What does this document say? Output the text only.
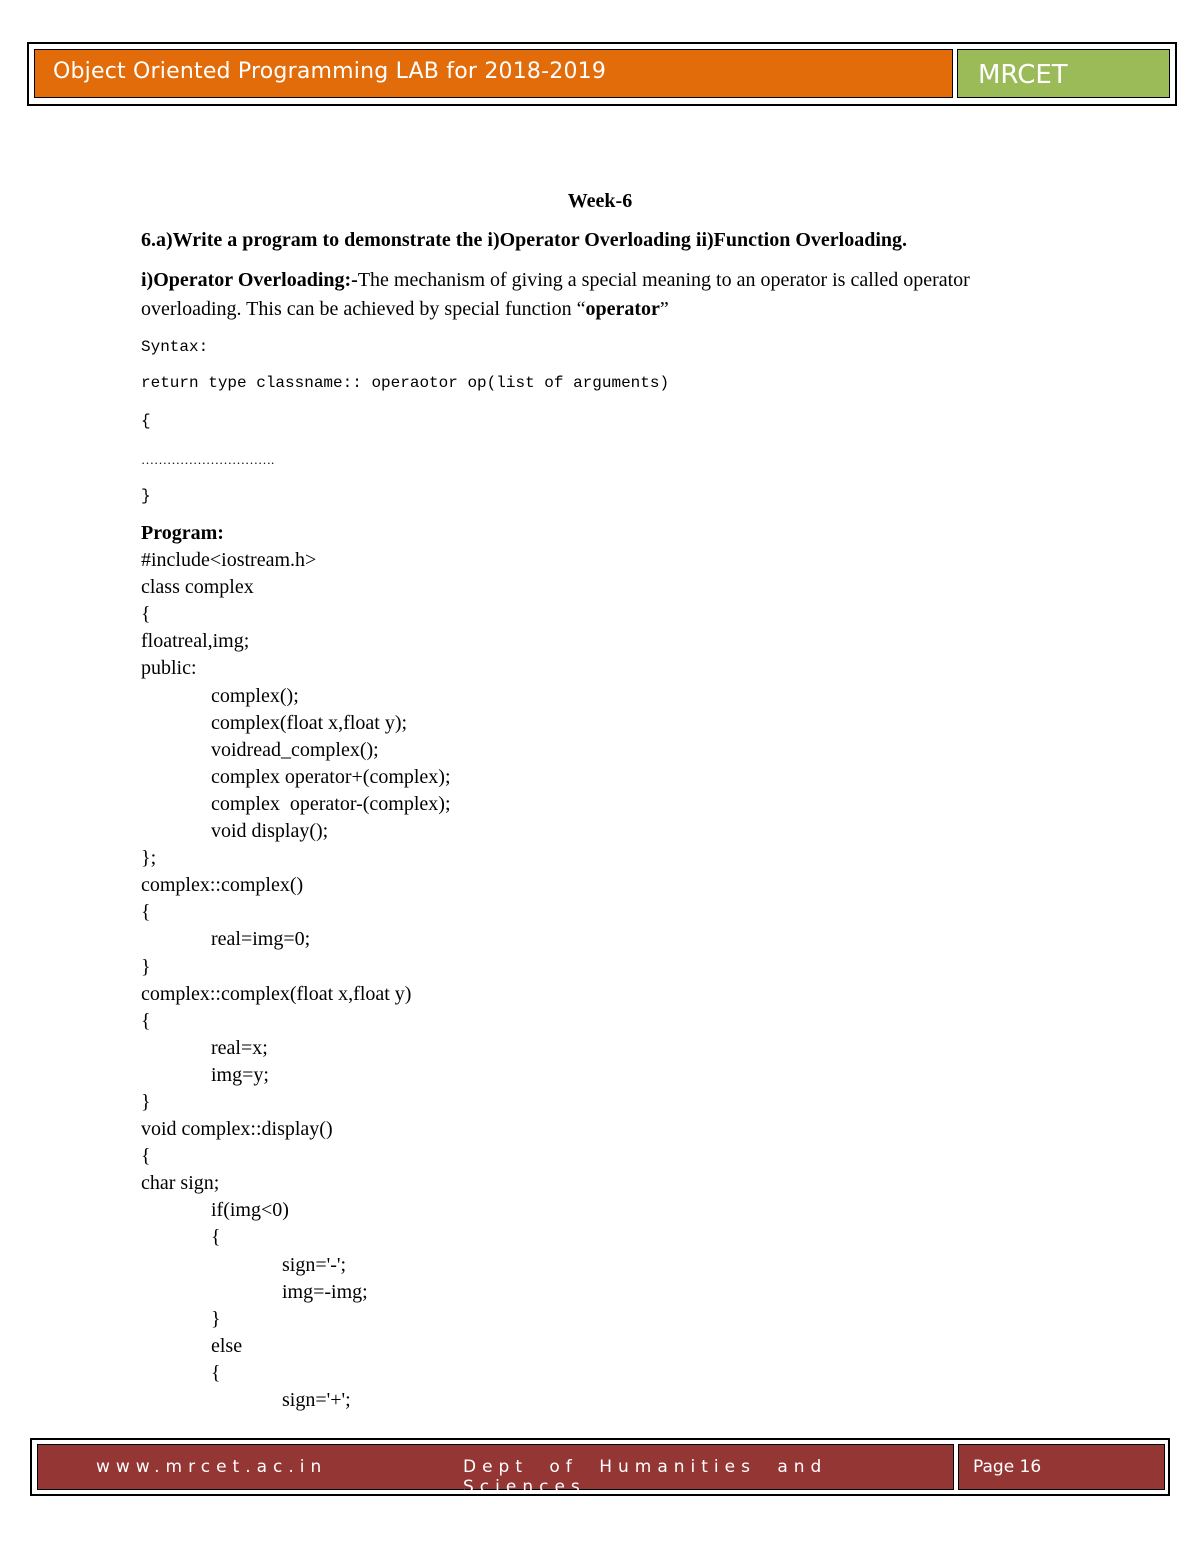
Object Oriented Programming LAB for 2018-2019	MRCET
Week-6
6.a)Write a program to demonstrate the i)Operator Overloading ii)Function Overloading.
i)Operator Overloading:-The mechanism of giving a special meaning to an operator is called operator overloading. This can be achieved by special function “operator”
Syntax:
return type classname:: operaotor op(list of arguments)
{
………………………….
}
Program:
#include<iostream.h>
class complex
{
floatreal,img;
public:
complex();
complex(float x,float y);
voidread_complex();
complex operator+(complex);
complex  operator-(complex);
void display();
};
complex::complex()
{
real=img=0;
}
complex::complex(float x,float y)
{
real=x;
img=y;
}
void complex::display()
{
char sign;
if(img<0)
{
sign='-';
img=-img;
}
else
{
sign='+';
www.mrcet.ac.in	Dept of Humanities and Sciences
Page 16
